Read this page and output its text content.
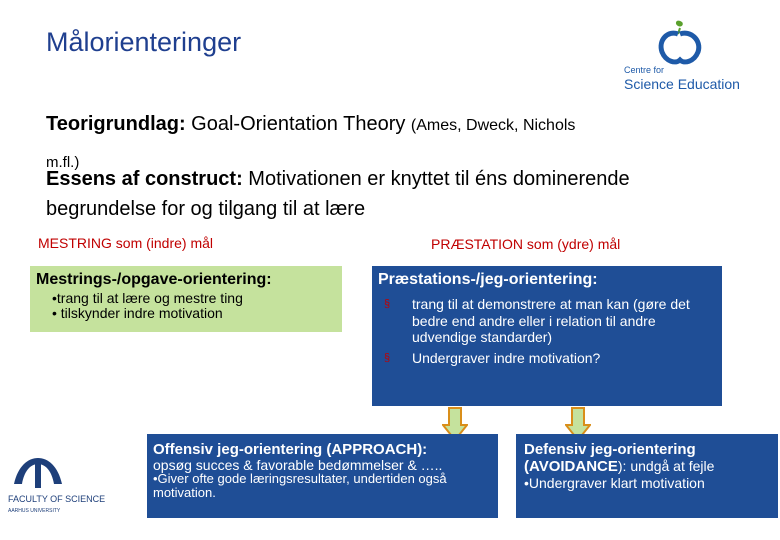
Målorienteringer
Centre for
Science Education
Teorigrundlag: Goal-Orientation Theory (Ames, Dweck, Nichols
m.fl.)
Essens af construct: Motivationen er knyttet til éns dominerende begrundelse for og tilgang til at lære
MESTRING som (indre) mål	PRÆSTATION som (ydre) mål
Mestrings-/opgave-orientering:
•trang til at lære og mestre ting
• tilskynder indre motivation
Præstations-/jeg-orientering:
§	trang til at demonstrere at man kan (gøre det bedre end andre eller i relation til andre udvendige standarder)
§	Undergraver indre motivation?
Offensiv jeg-orientering (APPROACH):
opsøg succes & favorable bedømmelser & …..
•Giver ofte gode læringsresultater, undertiden også motivation.
Defensiv jeg-orientering
(AVOIDANCE): undgå at fejle
•Undergraver klart motivation
FACULTY OF SCIENCE
AARHUS UNIVERSITY
